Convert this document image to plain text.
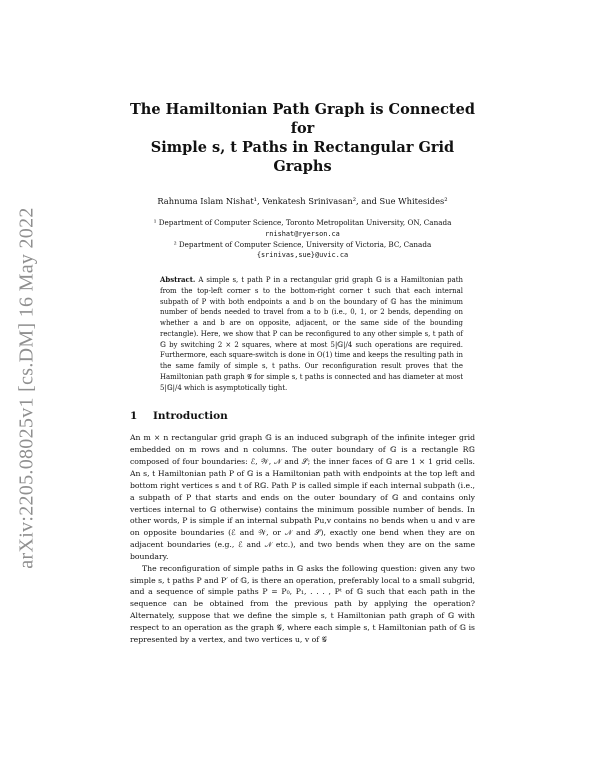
arXiv:2205.08025v1 [cs.DM] 16 May 2022
The Hamiltonian Path Graph is Connected for
Simple s, t Paths in Rectangular Grid Graphs
Rahnuma Islam Nishat¹, Venkatesh Srinivasan², and Sue Whitesides²
¹ Department of Computer Science, Toronto Metropolitan University, ON, Canada
rnishat@ryerson.ca
² Department of Computer Science, University of Victoria, BC, Canada
{srinivas,sue}@uvic.ca
Abstract. A simple s, t path P in a rectangular grid graph 𝔾 is a Hamiltonian path from the top-left corner s to the bottom-right corner t such that each internal subpath of P with both endpoints a and b on the boundary of 𝔾 has the minimum number of bends needed to travel from a to b (i.e., 0, 1, or 2 bends, depending on whether a and b are on opposite, adjacent, or the same side of the bounding rectangle). Here, we show that P can be reconfigured to any other simple s, t path of 𝔾 by switching 2 × 2 squares, where at most 5|𝔾|/4 such operations are required. Furthermore, each square-switch is done in O(1) time and keeps the resulting path in the same family of simple s, t paths. Our reconfiguration result proves that the Hamiltonian path graph 𝒢 for simple s, t paths is connected and has diameter at most 5|𝔾|/4 which is asymptotically tight.
1 Introduction

An m × n rectangular grid graph 𝔾 is an induced subgraph of the infinite integer grid embedded on m rows and n columns. The outer boundary of 𝔾 is a rectangle R𝔾 composed of four boundaries: ℰ, 𝒲, 𝒩 and 𝒮; the inner faces of 𝔾 are 1 × 1 grid cells. An s, t Hamiltonian path P of 𝔾 is a Hamiltonian path with endpoints at the top left and bottom right vertices s and t of R𝔾. Path P is called simple if each internal subpath (i.e., a subpath of P that starts and ends on the outer boundary of 𝔾 and contains only vertices internal to 𝔾 otherwise) contains the minimum possible number of bends. In other words, P is simple if an internal subpath Pu,v contains no bends when u and v are on opposite boundaries (ℰ and 𝒲, or 𝒩 and 𝒮), exactly one bend when they are on adjacent boundaries (e.g., ℰ and 𝒩 etc.), and two bends when they are on the same boundary.

The reconfiguration of simple paths in 𝔾 asks the following question: given any two simple s, t paths P and P′ of 𝔾, is there an operation, preferably local to a small subgrid, and a sequence of simple paths P = P₀, P₁, . . . , Pᵗ of 𝔾 such that each path in the sequence can be obtained from the previous path by applying the operation? Alternately, suppose that we define the simple s, t Hamiltonian path graph of 𝔾 with respect to an operation as the graph 𝒢, where each simple s, t Hamiltonian path of 𝔾 is represented by a vertex, and two vertices u, v of 𝒢
